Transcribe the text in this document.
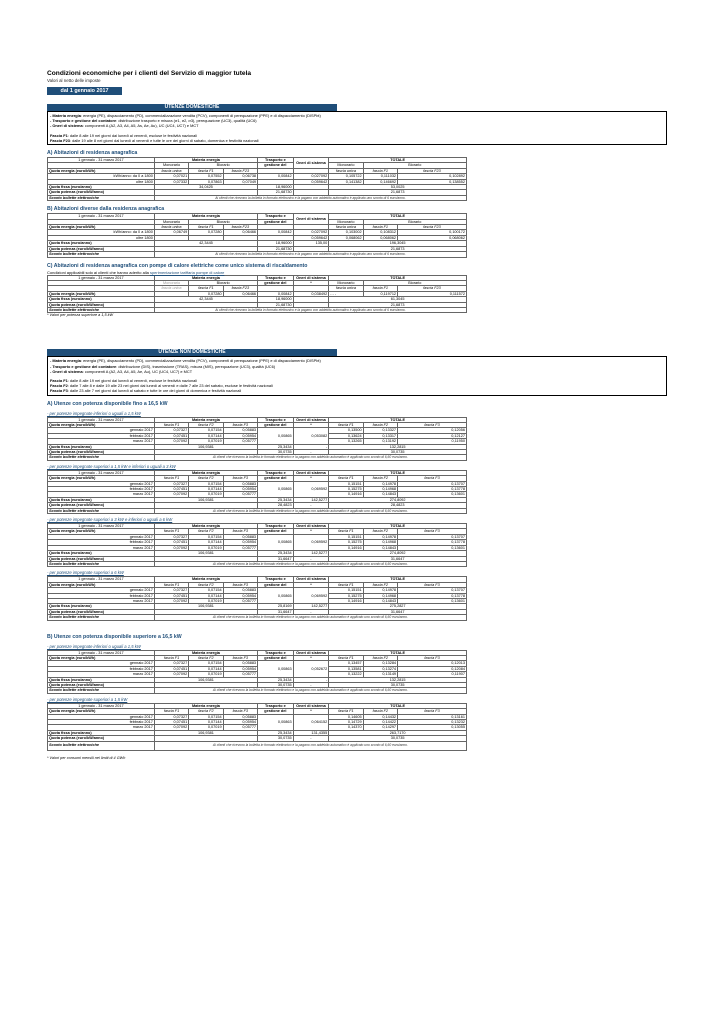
Condizioni economiche per i clienti del Servizio di maggior tutela
Valori al netto delle imposte
dal 1 gennaio 2017
UTENZE DOMESTICHE
- Materia energia: energia (PE), dispacciamento (PD), commercializzazione vendita (PCV), componenti di perequazione (PPE) e di dispacciamento (DISPbt)
- Trasporto e gestione del contatore: distribuzione trasporto e misura (σ1, σ2, σ3), perequazione (UC3), qualità (UC6)
- Oneri di sistema: componenti A (A2, A3, A4, A5, As, Ae, Au), UC (UC4, UC7) e MCT
Fascia F1: dalle 8 alle 19 nei giorni dai lunedì al venerdì, escluse le festività nazionali
Fascia F23: dalle 19 alle 8 nei giorni dal lunedì al venerdì e tutte le ore dei giorni di sabato, domenica e festività nazionali
A) Abitazioni di residenza anagrafica
1 gennaio - 31 marzo 2017	Materia energia			Trasporto e	Oneri di sistema	TOTALE		
	Monorario	Biorario		gestione del		Monorario	Biorario	
Quota energia (euro/kWh)	fascia unica	fascia F1	fascia F23			fascia unica	fascia F1	fascia F23
kWh/anno: da 0 a 1800	0,07021	0,07552	0,06738	0,00842	0,027092	0,105722	0,111032	0,102892
oltre 1800	0,07332	0,07863	0,07049		0,059642	0,141382	0,146692	0,138552
Quota fissa (euro/anno)	34,0425			18,96000		53,0025		
Quota potenza (euro/kW/anno)				21,68730		21,6873		
Sconto bollette elettroniche	Ai clienti che ricevono la bolletta in formato elettronico e la pagano con addebito automatico è applicato uno sconto di 6 euro/anno.							
B) Abitazioni diverse dalla residenza anagrafica
1 gennaio - 31 marzo 2017	Materia energia			Trasporto e	Oneri di sistema	TOTALE		
	Monorario	Biorario		gestione del		Monorario	Biorario	
Quota energia (euro/kWh)	fascia unica	fascia F1	fascia F23			fascia unica	fascia F1	fascia F23
kWh/anno: da 0 a 1800	0,06749	0,07280	0,06466	0,00842	0,027092	0,103002	0,108312	0,100172
oltre 1800					0,059642	0,068062	0,068062	0,068062
Quota fissa (euro/anno)	42,3445			18,96000	135,00	196,3045		
Quota potenza (euro/kW/anno)				21,68730		21,6873		
Sconto bollette elettroniche	Ai clienti che ricevono la bolletta in formato elettronico e la pagano con addebito automatico è applicato uno sconto di 6 euro/anno.							
C) Abitazioni di residenza anagrafica con pompe di calore elettriche come unico sistema di riscaldamento
Condizioni applicabili solo ai clienti che hanno aderito alla sperimentazione tariffaria pompe di calore
1 gennaio - 31 marzo 2017	Materia energia			Trasporto e	Oneri di sistema	TOTALE		
	Monorario	Biorario		gestione del	*	Monorario	Biorario	
	fascia unica	fascia F1	fascia F23			fascia unica	fascia F1	fascia F23
Quota energia (euro/kWh)		0,07280	0,06466	0,00842	0,038492	- - -	0,119712	0,111572
Quota fissa (euro/anno)	42,3445			18,96000		61,3045		
Quota potenza (euro/kW/anno)				21,68730		21,6873		
Sconto bollette elettroniche	Ai clienti che ricevono la bolletta in formato elettronico e la pagano con addebito automatico è applicato uno sconto di 6 euro/anno.							
* Valori per potenza superiore a 1,5 kW
UTENZE NON DOMESTICHE
- Materia energia: energia (PE), dispacciamento (PD), commercializzazione vendita (PCV), componenti di perequazione (PPE) e di dispacciamento (DISPbt)
- Trasporto e gestione del contatore: distribuzione (DIS), trasmissione (TRAS), misura (MIS), perequazione (UC3), qualità (UC6)
- Oneri di sistema: componenti A (A2, A3, A4, A5, Ae, Au), UC (UC4, UC7) e MCT
Fascia F1: dalle 8 alle 19 nei giorni dai lunedì al venerdì, escluse le festività nazionali
Fascia F2: dalle 7 alle 8 e dalle 19 alle 23 nei giorni dai lunedì al venerdì e dalle 7 alle 23 del sabato, escluse le festività nazionali
Fascia F3: dalle 23 alle 7 nei giorni dai lunedì al sabato e tutte le ore dei giorni di domenica e festività nazionali
A) Utenze con potenza disponibile fino a 16,5 kW
- per potenze impegnate inferiori o uguali a 1,5 kW
1 gennaio - 31 marzo 2017	Materia energia			Trasporto e	Oneri di sistema	TOTALE		
Quota energia (euro/kWh)	fascia F1	fascia F2	fascia F3	gestione del	*	fascia F1	fascia F2	fascia F3
gennaio 2017	0,07327	0,07154	0,05883	0,00865	0,053082	0,13500	0,13327	0,12056
febbraio 2017	0,07451	0,07144	0,05954			0,13624	0,13317	0,12127
marzo 2017	0,07092	0,07019	0,05777			0,13265	0,13192	0,11950
Quota fissa (euro/anno)	106,9381			25,3434	-	132,2815		
Quota potenza (euro/kW/anno)				30,0735	-	30,0735		
Sconto bollette elettroniche	Ai clienti che ricevono la bolletta in formato elettronico e la pagano con addebito automatico è applicato uno sconto di 6,60 euro/anno.							
- per potenze impegnate superiori a 1,5 kW e inferiori o uguali a 3 kW
1 gennaio - 31 marzo 2017	Materia energia			Trasporto e	Oneri di sistema	TOTALE		
Quota energia (euro/kWh)	fascia F1	fascia F2	fascia F3	gestione del	*	fascia F1	fascia F2	fascia F3
gennaio 2017	0,07327	0,07154	0,05883	0,00865	0,069592	0,15151	0,14978	0,13707
febbraio 2017	0,07451	0,07144	0,05954			0,15275	0,14968	0,13778
marzo 2017	0,07092	0,07019	0,05777			0,14916	0,14843	0,13601
Quota fissa (euro/anno)	106,9381			25,3434	142,5277	274,8092		
Quota potenza (euro/kW/anno)				28,4823	-	28,4823		
Sconto bollette elettroniche	Ai clienti che ricevono la bolletta in formato elettronico e la pagano con addebito automatico è applicato uno sconto di 6,60 euro/anno.							
- per potenze impegnate superiori a 3 kW e inferiori o uguali a 6 kW
1 gennaio - 31 marzo 2017	Materia energia			Trasporto e	Oneri di sistema	TOTALE		
Quota energia (euro/kWh)	fascia F1	fascia F2	fascia F3	gestione del	*	fascia F1	fascia F2	fascia F3
gennaio 2017	0,07327	0,07154	0,05883	0,00865	0,069592	0,15151	0,14978	0,13707
febbraio 2017	0,07451	0,07144	0,05954			0,15275	0,14968	0,13778
marzo 2017	0,07092	0,07019	0,05777			0,14916	0,14843	0,13601
Quota fissa (euro/anno)	106,9381			25,3434	142,5277	274,8092		
Quota potenza (euro/kW/anno)				31,6647	-	31,6647		
Sconto bollette elettroniche	Ai clienti che ricevono la bolletta in formato elettronico e la pagano con addebito automatico è applicato uno sconto di 6,60 euro/anno.							
- per potenze impegnate superiori a 6 kW
1 gennaio - 31 marzo 2017	Materia energia			Trasporto e	Oneri di sistema	TOTALE		
Quota energia (euro/kWh)	fascia F1	fascia F2	fascia F3	gestione del	*	fascia F1	fascia F2	fascia F3
gennaio 2017	0,07327	0,07154	0,05883	0,00865	0,069592	0,15151	0,14978	0,13707
febbraio 2017	0,07451	0,07144	0,05954			0,15275	0,14968	0,13778
marzo 2017	0,07092	0,07019	0,05777			0,14916	0,14843	0,13601
Quota fissa (euro/anno)	106,9381			25,8169	142,5277	275,2827		
Quota potenza (euro/kW/anno)				31,6647	-	31,6647		
Sconto bollette elettroniche	Ai clienti che ricevono la bolletta in formato elettronico e la pagano con addebito automatico è applicato uno sconto di 6,60 euro/anno.							
B) Utenze con potenza disponibile superiore a 16,5 kW
- per potenze impegnate inferiori o uguali a 1,5 kW
1 gennaio - 31 marzo 2017	Materia energia			Trasporto e	Oneri di sistema	TOTALE		
Quota energia (euro/kWh)	fascia F1	fascia F2	fascia F3	gestione del	*	fascia F1	fascia F2	fascia F3
gennaio 2017	0,07327	0,07154	0,05883	0,00863	0,052672	0,13457	0,13284	0,12013
febbraio 2017	0,07451	0,07144	0,05954			0,13581	0,13274	0,12084
marzo 2017	0,07092	0,07019	0,05777			0,13222	0,13149	0,11907
Quota fissa (euro/anno)	106,9381			25,3434	-	132,2815		
Quota potenza (euro/kW/anno)				30,0735	-	30,0735		
Sconto bollette elettroniche	Ai clienti che ricevono la bolletta in formato elettronico e la pagano con addebito automatico è applicato uno sconto di 6,60 euro/anno.							
- per potenze impegnate superiori a 1,5 kW
1 gennaio - 31 marzo 2017	Materia energia			Trasporto e	Oneri di sistema	TOTALE		
Quota energia (euro/kWh)	fascia F1	fascia F2	fascia F3	gestione del	*	fascia F1	fascia F2	fascia F3
gennaio 2017	0,07327	0,07154	0,05883	0,00863	0,064152	0,14605	0,14432	0,13161
febbraio 2017	0,07451	0,07144	0,05954			0,14729	0,14422	0,13232
marzo 2017	0,07092	0,07019	0,05777			0,14370	0,14297	0,13055
Quota fissa (euro/anno)	106,9381			25,3434	131,4355	263,7170		
Quota potenza (euro/kW/anno)				30,0735	-	30,0735		
Sconto bollette elettroniche	Ai clienti che ricevono la bolletta in formato elettronico e la pagano con addebito automatico è applicato uno sconto di 6,60 euro/anno.							
* Valori per consumi mensili nei limiti di 4 GWh
